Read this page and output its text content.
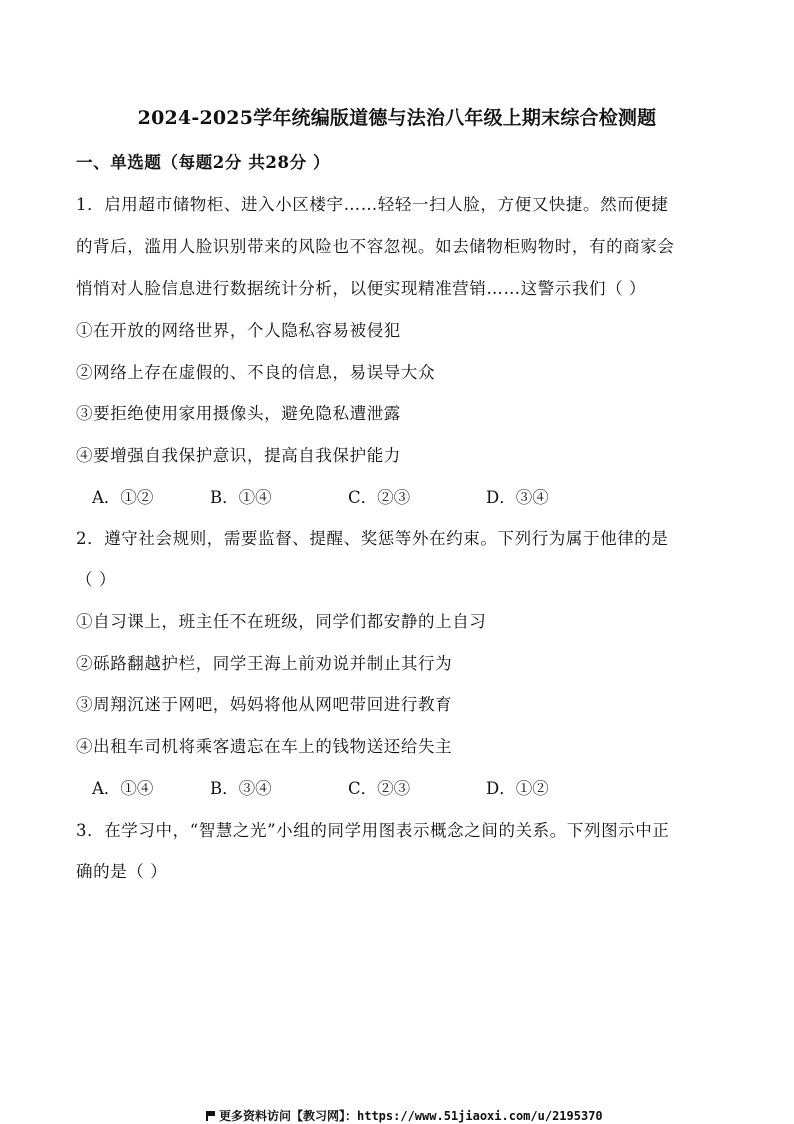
2024-2025学年统编版道德与法治八年级上期末综合检测题
一、单选题（每题2分 共28分 ）
1．启用超市储物柜、进入小区楼宇……轻轻一扫人脸，方便又快捷。然而便捷
的背后，滥用人脸识别带来的风险也不容忽视。如去储物柜购物时，有的商家会
悄悄对人脸信息进行数据统计分析，以便实现精准营销……这警示我们（ ）
①在开放的网络世界，个人隐私容易被侵犯
②网络上存在虚假的、不良的信息，易误导大众
③要拒绝使用家用摄像头，避免隐私遭泄露
④要增强自我保护意识，提高自我保护能力
A．①②	B．①④	C．②③	D．③④
2．遵守社会规则，需要监督、提醒、奖惩等外在约束。下列行为属于他律的是
（ ）
①自习课上，班主任不在班级，同学们都安静的上自习
②砾路翻越护栏，同学王海上前劝说并制止其行为
③周翔沉迷于网吧，妈妈将他从网吧带回进行教育
④出租车司机将乘客遗忘在车上的钱物送还给失主
A．①④	B．③④	C．②③	D．①②
3．在学习中，“智慧之光”小组的同学用图表示概念之间的关系。下列图示中正
确的是（ ）
更多资料访问【教习网】：https://www.51jiaoxi.com/u/2195370
